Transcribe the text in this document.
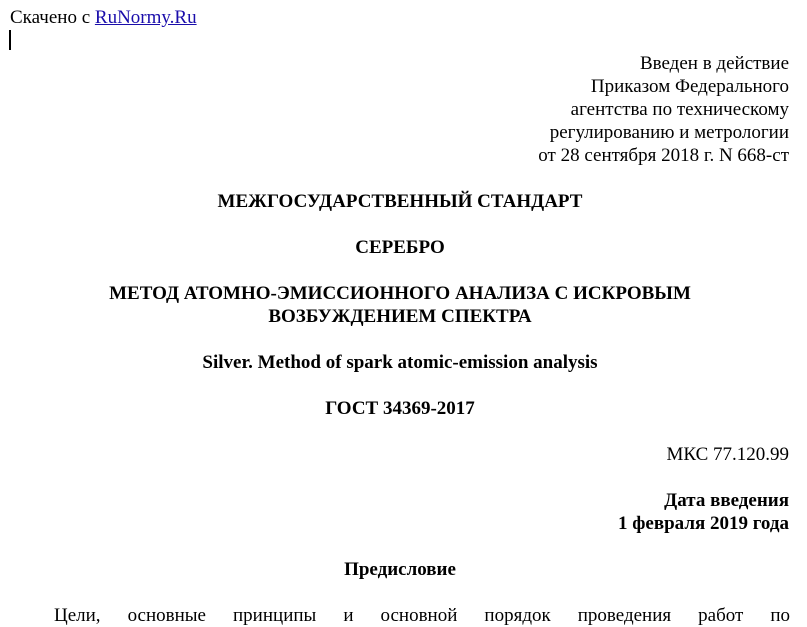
Скачено с RuNormy.Ru
Введен в действие
Приказом Федерального
агентства по техническому
регулированию и метрологии
от 28 сентября 2018 г. N 668-ст
МЕЖГОСУДАРСТВЕННЫЙ СТАНДАРТ
СЕРЕБРО
МЕТОД АТОМНО-ЭМИССИОННОГО АНАЛИЗА С ИСКРОВЫМ
ВОЗБУЖДЕНИЕМ СПЕКТРА
Silver. Method of spark atomic-emission analysis
ГОСТ 34369-2017
МКС 77.120.99
Дата введения
1 февраля 2019 года
Предисловие
Цели, основные принципы и основной порядок проведения работ по
